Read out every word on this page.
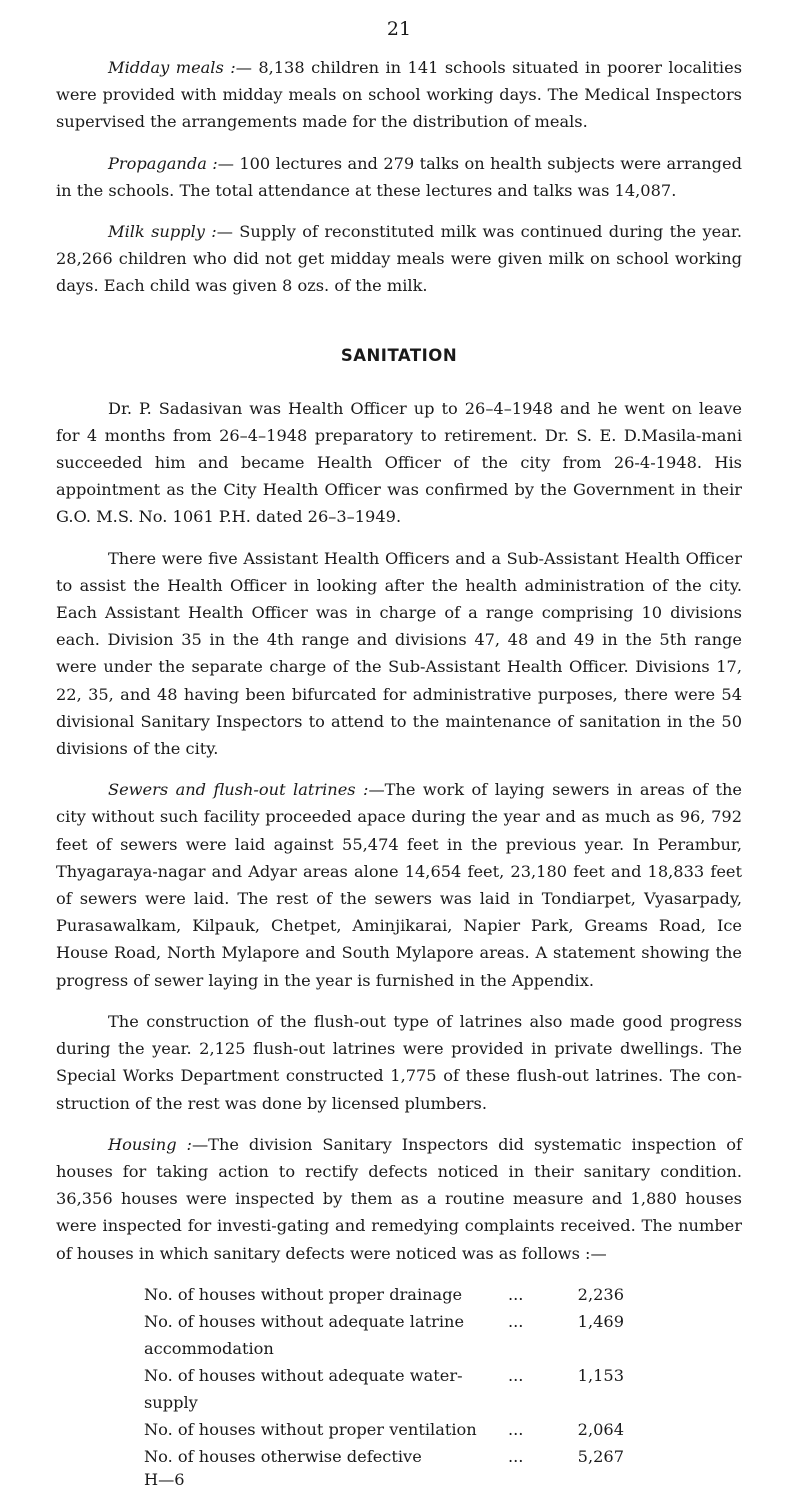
21

Midday meals :— 8,138 children in 141 schools situated in poorer localities were provided with midday meals on school working days. The Medical Inspectors supervised the arrangements made for the distribution of meals.

Propaganda :— 100 lectures and 279 talks on health subjects were arranged in the schools. The total attendance at these lectures and talks was 14,087.

Milk supply :— Supply of reconstituted milk was continued during the year. 28,266 children who did not get midday meals were given milk on school working days. Each child was given 8 ozs. of the milk.

SANITATION

Dr. P. Sadasivan was Health Officer up to 26–4–1948 and he went on leave for 4 months from 26–4–1948 preparatory to retirement. Dr. S. E. D.Masila-mani succeeded him and became Health Officer of the city from 26-4-1948. His appointment as the City Health Officer was confirmed by the Government in their G.O. M.S. No. 1061 P.H. dated 26–3–1949.

There were five Assistant Health Officers and a Sub-Assistant Health Officer to assist the Health Officer in looking after the health administration of the city. Each Assistant Health Officer was in charge of a range comprising 10 divisions each. Division 35 in the 4th range and divisions 47, 48 and 49 in the 5th range were under the separate charge of the Sub-Assistant Health Officer. Divisions 17, 22, 35, and 48 having been bifurcated for administrative purposes, there were 54 divisional Sanitary Inspectors to attend to the maintenance of sanitation in the 50 divisions of the city.

Sewers and flush-out latrines :—The work of laying sewers in areas of the city without such facility proceeded apace during the year and as much as 96, 792 feet of sewers were laid against 55,474 feet in the previous year. In Perambur, Thyagaraya-nagar and Adyar areas alone 14,654 feet, 23,180 feet and 18,833 feet of sewers were laid. The rest of the sewers was laid in Tondiarpet, Vyasarpady, Purasawalkam, Kilpauk, Chetpet, Aminjikarai, Napier Park, Greams Road, Ice House Road, North Mylapore and South Mylapore areas. A statement showing the progress of sewer laying in the year is furnished in the Appendix.

The construction of the flush-out type of latrines also made good progress during the year. 2,125 flush-out latrines were provided in private dwellings. The Special Works Department constructed 1,775 of these flush-out latrines. The con-struction of the rest was done by licensed plumbers.

Housing :—The division Sanitary Inspectors did systematic inspection of houses for taking action to rectify defects noticed in their sanitary condition. 36,356 houses were inspected by them as a routine measure and 1,880 houses were inspected for investi-gating and remedying complaints received. The number of houses in which sanitary defects were noticed was as follows :—

No. of houses without proper drainage	...	2,236
No. of houses without adequate latrine accommodation
...	1,469
No. of houses without adequate water-supply
...	1,153
No. of houses without proper ventilation	...	2,064
No. of houses otherwise defective	...	5,267
H—6
